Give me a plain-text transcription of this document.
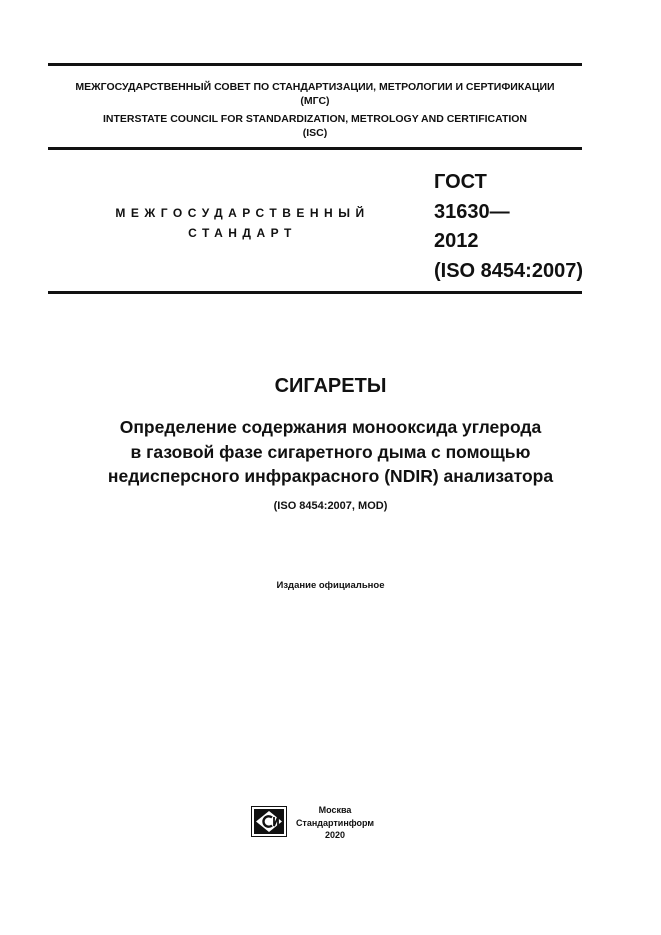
МЕЖГОСУДАРСТВЕННЫЙ СОВЕТ ПО СТАНДАРТИЗАЦИИ, МЕТРОЛОГИИ И СЕРТИФИКАЦИИ
(МГС)
INTERSTATE COUNCIL FOR STANDARDIZATION, METROLOGY AND CERTIFICATION
(ISC)
МЕЖГОСУДАРСТВЕННЫЙ
СТАНДАРТ
ГОСТ
31630—
2012
(ISO 8454:2007)
СИГАРЕТЫ
Определение содержания монооксида углерода
в газовой фазе сигаретного дыма с помощью
недисперсного инфракрасного (NDIR) анализатора
(ISO 8454:2007, MOD)
Издание официальное
Москва
Стандартинформ
2020
